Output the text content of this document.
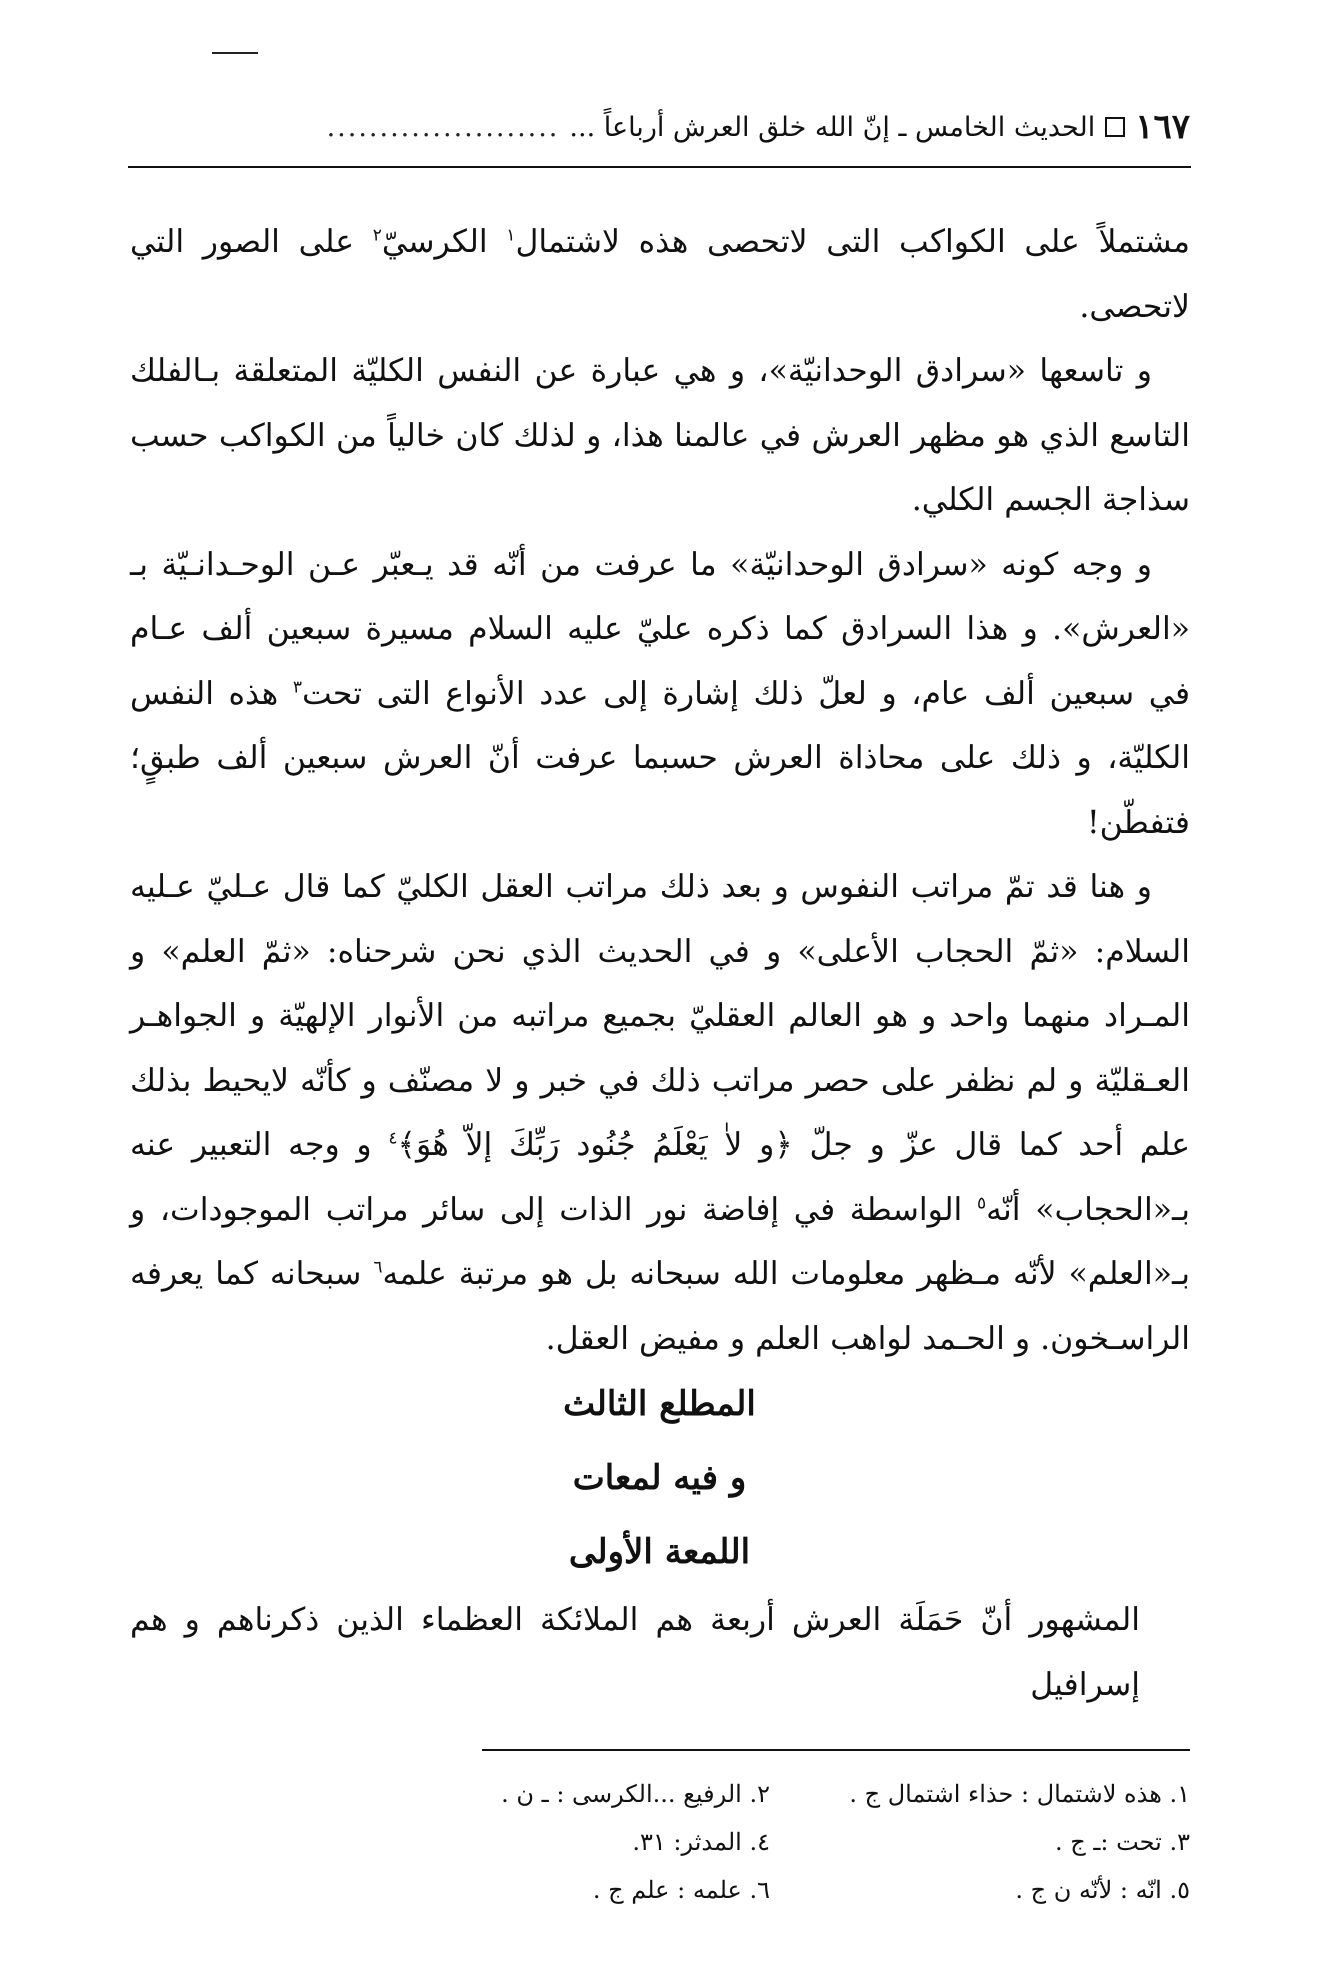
١٦٧
الحديث الخامس ـ إنّ الله خلق العرش أرباعاً ...
......................

مشتملاً على الكواكب التى لاتحصى هذه لاشتمال$^١$ الكرسيّ$^٢$ على الصور التي لاتحصى.

و تاسعها «سرادق الوحدانيّة»، و هي عبارة عن النفس الكليّة المتعلقة بـالفلك التاسع الذي هو مظهر العرش في عالمنا هذا، و لذلك كان خالياً من الكواكب حسب سذاجة الجسم الكلي.

و وجه كونه «سرادق الوحدانيّة» ما عرفت من أنّه قد يـعبّر عـن الوحـدانـيّة بـ «العرش». و هذا السرادق كما ذكره عليّ عليه السلام مسيرة سبعين ألف عـام في سبعين ألف عام، و لعلّ ذلك إشارة إلى عدد الأنواع التى تحت$^٣$ هذه النفس الكليّة، و ذلك على محاذاة العرش حسبما عرفت أنّ العرش سبعين ألف طبقٍ؛ فتفطّن!

و هنا قد تمّ مراتب النفوس و بعد ذلك مراتب العقل الكليّ كما قال عـليّ عـليه السلام: «ثمّ الحجاب الأعلى» و في الحديث الذي نحن شرحناه: «ثمّ العلم» و المـراد منهما واحد و هو العالم العقليّ بجميع مراتبه من الأنوار الإلهيّة و الجواهـر العـقليّة و لم نظفر على حصر مراتب ذلك في خبر و لا مصنّف و كأنّه لايحيط بذلك علم أحد كما قال عزّ و جلّ ﴿و لاٰ يَعْلَمُ جُنُود رَبِّكَ إلاّ هُوَ﴾$^٤$ و وجه التعبير عنه بـ«الحجاب» أنّه$^٥$ الواسطة في إفاضة نور الذات إلى سائر مراتب الموجودات، و بـ«العلم» لأنّه مـظهر معلومات الله سبحانه بل هو مرتبة علمه$^٦$ سبحانه كما يعرفه الراسـخون. و الحـمد لواهب العلم و مفيض العقل.

المطلع الثالث
و فيه لمعات
اللمعة الأولى
المشهور أنّ حَمَلَة العرش أربعة هم الملائكة العظماء الذين ذكرناهم و هم إسرافيل
١. هذه لاشتمال : حذاء اشتمال ج .
٢. الرفيع ...الكرسى : ـ ن .
٣. تحت :ـ ج .
٤. المدثر: ٣١.
٥. انّه : لأنّه ن ج .
٦. علمه : علم ج .
